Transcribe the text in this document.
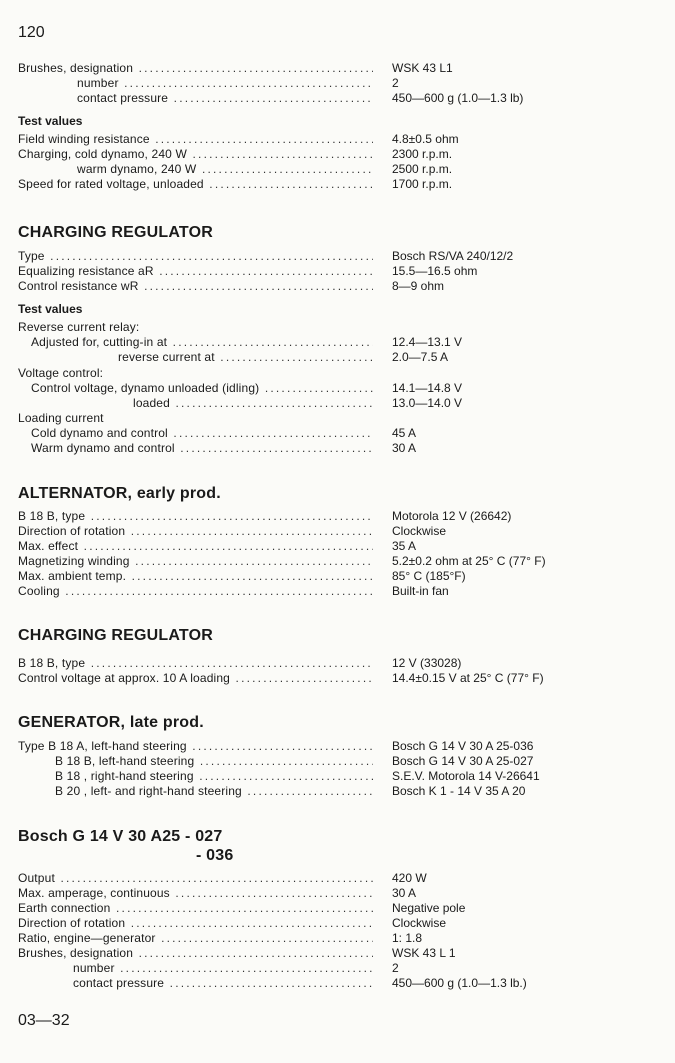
120
Brushes, designation .....	WSK 43 L1
number .....	2
contact pressure .....	450—600 g (1.0—1.3 lb)
Test values
Field winding resistance .....	4.8±0.5 ohm
Charging, cold dynamo, 240 W .....	2300 r.p.m.
warm dynamo, 240 W .....	2500 r.p.m.
Speed for rated voltage, unloaded .....	1700 r.p.m.
CHARGING REGULATOR
Type .....	Bosch RS/VA 240/12/2
Equalizing resistance aR .....	15.5—16.5 ohm
Control resistance wR .....	8—9 ohm
Test values
Reverse current relay:
Adjusted for, cutting-in at .....	12.4—13.1 V
reverse current at .....	2.0—7.5 A
Voltage control:
Control voltage, dynamo unloaded (idling) .....	14.1—14.8 V
loaded .....	13.0—14.0 V
Loading current
Cold dynamo and control .....	45 A
Warm dynamo and control .....	30 A
ALTERNATOR, early prod.
B 18 B, type .....	Motorola 12 V (26642)
Direction of rotation .....	Clockwise
Max. effect .....	35 A
Magnetizing winding .....	5.2±0.2 ohm at 25° C (77° F)
Max. ambient temp. .....	85° C (185°F)
Cooling .....	Built-in fan
CHARGING REGULATOR
B 18 B, type .....	12 V (33028)
Control voltage at approx. 10 A loading .....	14.4±0.15 V at 25° C (77° F)
GENERATOR, late prod.
Type B 18 A, left-hand steering .....	Bosch G 14 V 30 A 25-036
B 18 B, left-hand steering .....	Bosch G 14 V 30 A 25-027
B 18 , right-hand steering .....	S.E.V. Motorola 14 V-26641
B 20 , left- and right-hand steering .....	Bosch K 1 - 14 V 35 A 20
Bosch G 14 V 30 A25 - 027
- 036
Output .....	420 W
Max. amperage, continuous .....	30 A
Earth connection .....	Negative pole
Direction of rotation .....	Clockwise
Ratio, engine—generator .....	1: 1.8
Brushes, designation .....	WSK 43 L 1
number .....	2
contact pressure .....	450—600 g (1.0—1.3 lb.)
03—32
